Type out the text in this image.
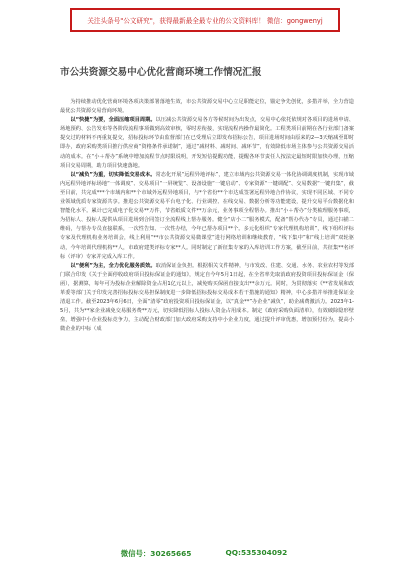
关注头条号"公文研究"，获得最新最全最专业的公文资料库！ 微信：gongwenyj
市公共资源交易中心优化营商环境工作情况汇报

为持续推动优化营商环境各项决策部署落地生效，市公共资源交易中心立足职能定位，锚定争先创优，多措并举，全力营造最优公共资源交易营商环境。

以“快捷”为要，全面压缩项目周期。以压减公共资源交易各方等候时间为出发点，交易中心依托依规对各项目的进场申请、场地预约、公告发布等各阶段流程事项做到高效审核，零时差衔接，实现流程内操作最简化。工程类项目前期在各行业部门备案提交过的材料不再重复提交，招标投标环节由监督部门在已受理后立即发布招标公告，项目进场时间由原来的2—3天缩减至即时即办，政府采购类项目推行供应商“资格条件承诺制”，通过“减材料、减时间、减环节”，有效降低市场主体参与公共资源交易活动的成本。在“小＋帮办”系统中增加流程节点时限说明，开发短信提醒功能，提醒各环节责任人按法定最短时限加快办理，压缩项目交易周期，助力项目快速落地。

以“减负”为重，切实降低交易成本。常态化开展“远程异地评标”，建立市域内公共资源交易一体化协调调度机制，实现市域内远程异地评标场地“一体调度”、交易项目“一屏统览”、设备设施“一键启动”、专家资源“一键调配”、交易数据“一键归集”，截至目前，共完成***个市域内和**个市域外远程异地项目，与*个省份**个市达成签署远程异地合作协议，实现不同区域、不同专业领域优质专家资源共享。推进公共资源交易平台电子化、行业调控、在线交易、数据分析等功能建设，提升交易平台数据化和智能化水平。累计已完成电子化交易**万件，节省纸质文件**万余元，业务事项全程帮办。推出“小＋帮办”分类梳理服务事项，为招标人、投标人提供从项目进场到合同签订全流程线上帮办服务。健全“店小二”服务模式，配备“帮办代办”专员，通过扫描二维码，与帮办专员直接联系，一次性告知、一次性办结，今年已帮办项目**个。多元化组织“专家代理机构培训”，线下组织评标专家及代理机构业务培训会，线上利用“**市公共资源交易微课堂”进行网络培训和继续教育，“线下集中”和“线上培训”双轮驱动，今年培训代理机构**人，市政府建类评标专家**人。同时制定了新征集专家的入库培训工作方案，截至目前，共征集**名评标（评审）专家并完成入库工作。

以“便利”为主，全力优化服务质效。取消保证金负担。根据相关文件精神，与市发改、住建、交通、水务、农业农村等发部门联合印发《关于全面停收政府项目投标保证金的通知》，规定自今年5月1日起，在全省率先取消政府投资项目投标保证金（保函），据测算，每年可为投标企业解除资金占用1亿元以上，减免购买保函直接支出**余万元。同时，为贯彻落实《**省发展和改革委等部门关于印发完善招标投标交易担保制度进一步降低招标投标交易成本若干措施的通知》精神，中心多措并举推进保证金清退工作。截至2023年6月6日，全面“清零”政府投资项目投标保证金，以“真金**”办企业“减负”，助企减费激活力。2023年1-5月，共为**家企业减免交易服务费**万元，切实降低招标人投标人资金占用成本。制定《政府采购负面清单》，有效破除隐形壁垒，增强中小企业投标竞争力，主动配合财政部门加大政府采购支持中小企业力度，通过提升评审优惠，增加预付份为，提高小微企业的中标（成

微信号：30265665	QQ:535304092
